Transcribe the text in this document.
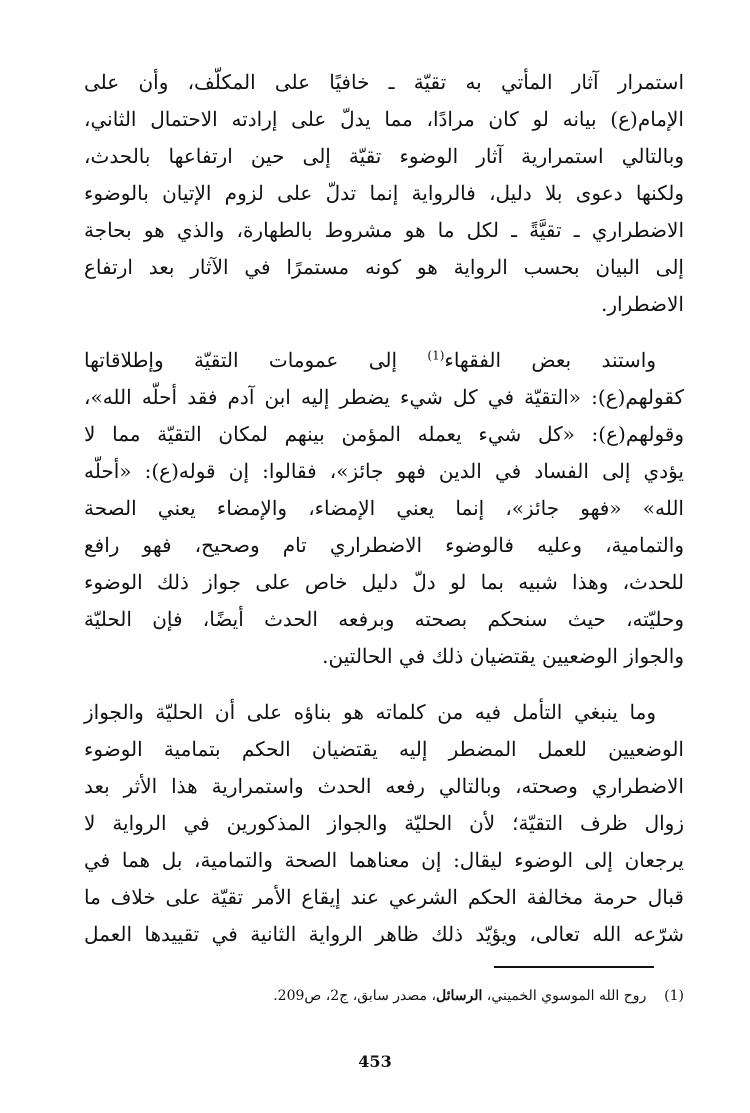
استمرار آثار المأتي به تقيّة ـ خافيًا على المكلّف، وأن على
الإمام(ع) بيانه لو كان مرادًا، مما يدلّ على إرادته الاحتمال الثاني،
وبالتالي استمرارية آثار الوضوء تقيّة إلى حين ارتفاعها بالحدث،
ولكنها دعوى بلا دليل، فالرواية إنما تدلّ على لزوم الإتيان بالوضوء
الاضطراري ـ تقيَّةً ـ لكل ما هو مشروط بالطهارة، والذي هو بحاجة
إلى البيان بحسب الرواية هو كونه مستمرًا في الآثار بعد ارتفاع
الاضطرار.

واستند بعض الفقهاء$^{(1)}$ إلى عمومات التقيّة وإطلاقاتها
كقولهم(ع): «التقيّة في كل شيء يضطر إليه ابن آدم فقد أحلّه الله»،
وقولهم(ع): «كل شيء يعمله المؤمن بينهم لمكان التقيّة مما لا
يؤدي إلى الفساد في الدين فهو جائز»، فقالوا: إن قوله(ع): «أحلّه
الله» «فهو جائز»، إنما يعني الإمضاء، والإمضاء يعني الصحة
والتمامية، وعليه فالوضوء الاضطراري تام وصحيح، فهو رافع
للحدث، وهذا شبيه بما لو دلّ دليل خاص على جواز ذلك الوضوء
وحليّته، حيث سنحكم بصحته وبرفعه الحدث أيضًا، فإن الحليّة
والجواز الوضعيين يقتضيان ذلك في الحالتين.

وما ينبغي التأمل فيه من كلماته هو بناؤه على أن الحليّة والجواز
الوضعيين للعمل المضطر إليه يقتضيان الحكم بتمامية الوضوء
الاضطراري وصحته، وبالتالي رفعه الحدث واستمرارية هذا الأثر بعد
زوال ظرف التقيّة؛ لأن الحليّة والجواز المذكورين في الرواية لا
يرجعان إلى الوضوء ليقال: إن معناهما الصحة والتمامية، بل هما في
قبال حرمة مخالفة الحكم الشرعي عند إيقاع الأمر تقيّة على خلاف ما
شرّعه الله تعالى، ويؤيّد ذلك ظاهر الرواية الثانية في تقييدها العمل

(1)    روح الله الموسوي الخميني، الرسائل، مصدر سابق، ج2، ص209.
453
